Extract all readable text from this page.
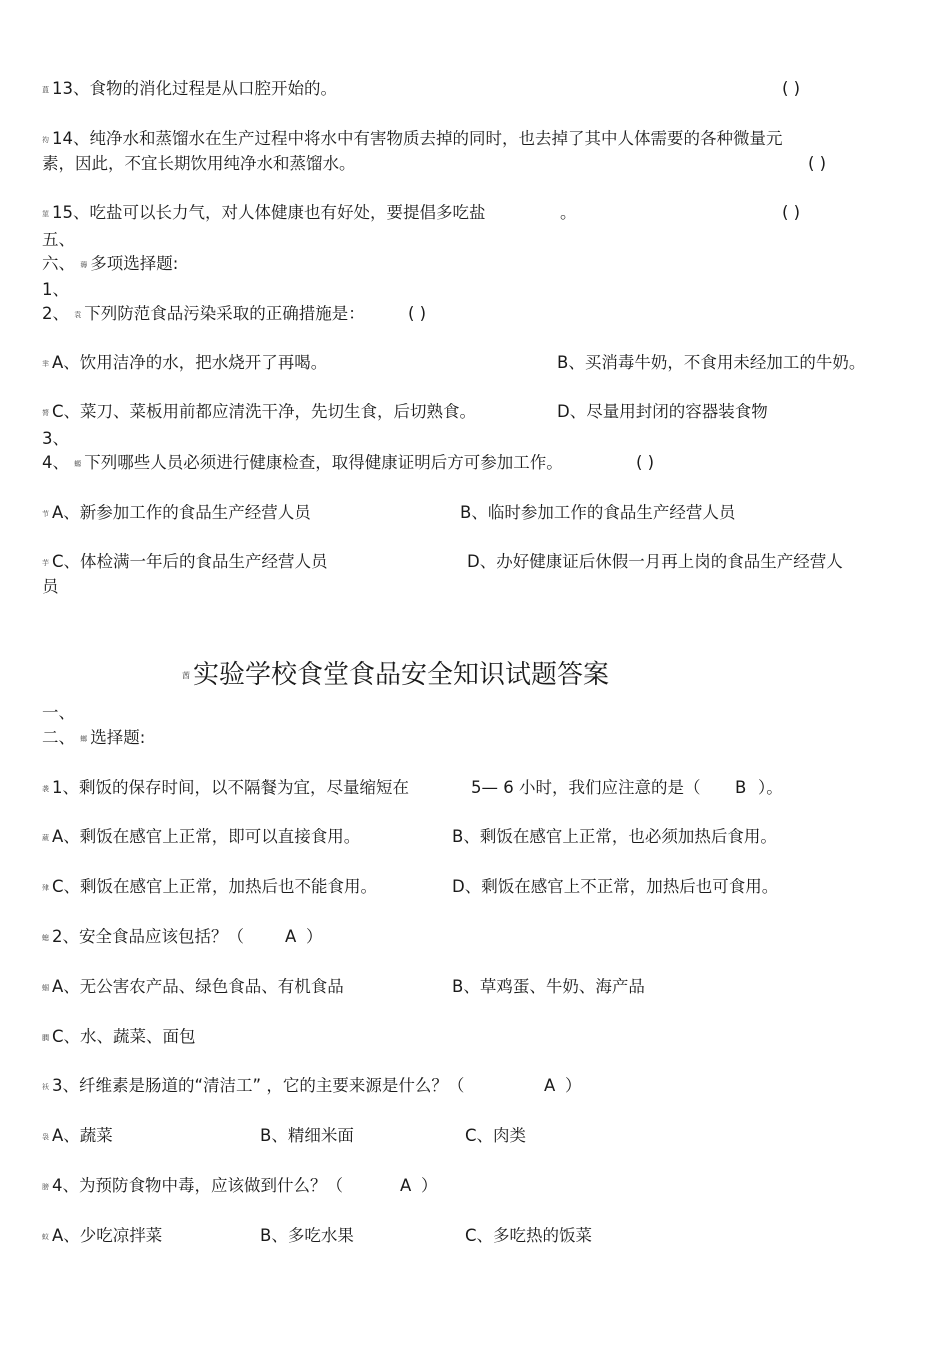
蒀 13、食物的消化过程是从口腔开始的。	( )
袀 14、纯净水和蒸馏水在生产过程中将水中有害物质去掉的同时，也去掉了其中人体需要的各种微量元
素，因此，不宜长期饮用纯净水和蒸馏水。	( )
莁 15、吃盐可以长力气，对人体健康也有好处，要提倡多吃盐	。	( )
五、
六、 薅 多项选择题:
1、
2、 袁 下列防范食品污染采取的正确措施是：	( )
芈 A、饮用洁净的水，把水烧开了再喝。	B、买消毒牛奶，不食用未经加工的牛奶。
膂 C、菜刀、菜板用前都应清洗干净，先切生食，后切熟食。	D、尽量用封闭的容器装食物
3、
4、 螈 下列哪些人员必须进行健康检查，取得健康证明后方可参加工作。	( )
节 A、新参加工作的食品生产经营人员	B、临时参加工作的食品生产经营人员
芋 C、体检满一年后的食品生产经营人员	D、办好健康证后休假一月再上岗的食品生产经营人
员
莤 实验学校食堂食品安全知识试题答案
一、
二、 螂 选择题:
袭 1、剩饭的保存时间，以不隔餐为宜，尽量缩短在	5— 6 小时，我们应注意的是（ B ）。
葳 A、剩饭在感官上正常，即可以直接食用。	B、剩饭在感官上正常，也必须加热后食用。
肂 C、剩饭在感官上正常，加热后也不能食用。	D、剩饭在感官上不正常，加热后也可食用。
螅 2、安全食品应该包括？（ A ）
蝈 A、无公害农产品、绿色食品、有机食品	B、草鸡蛋、牛奶、海产品
膶 C、水、蔬菜、面包
袄 3、纤维素是肠道的“清洁工” ，它的主要来源是什么？（	A ）
袅 A、蔬菜	B、精细米面	C、肉类
膀 4、为预防食物中毒，应该做到什么？（	A ）
蚁 A、少吃凉拌菜	B、多吃水果	C、多吃热的饭菜
